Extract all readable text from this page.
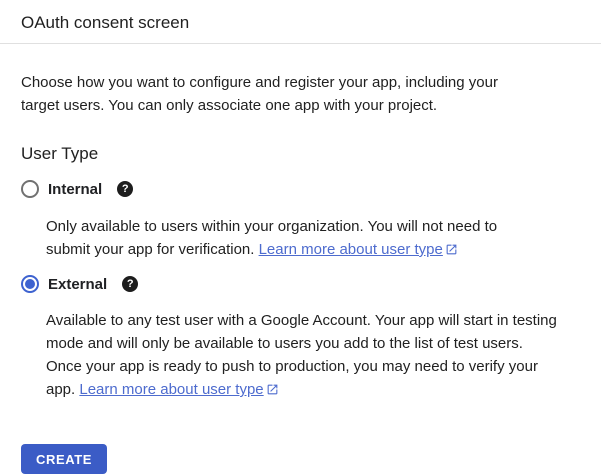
OAuth consent screen

Choose how you want to configure and register your app, including your target users. You can only associate one app with your project.

User Type
Internal	?

Only available to users within your organization. You will not need to submit your app for verification. Learn more about user type

External	?

Available to any test user with a Google Account. Your app will start in testing mode and will only be available to users you add to the list of test users. Once your app is ready to push to production, you may need to verify your app. Learn more about user type

CREATE
